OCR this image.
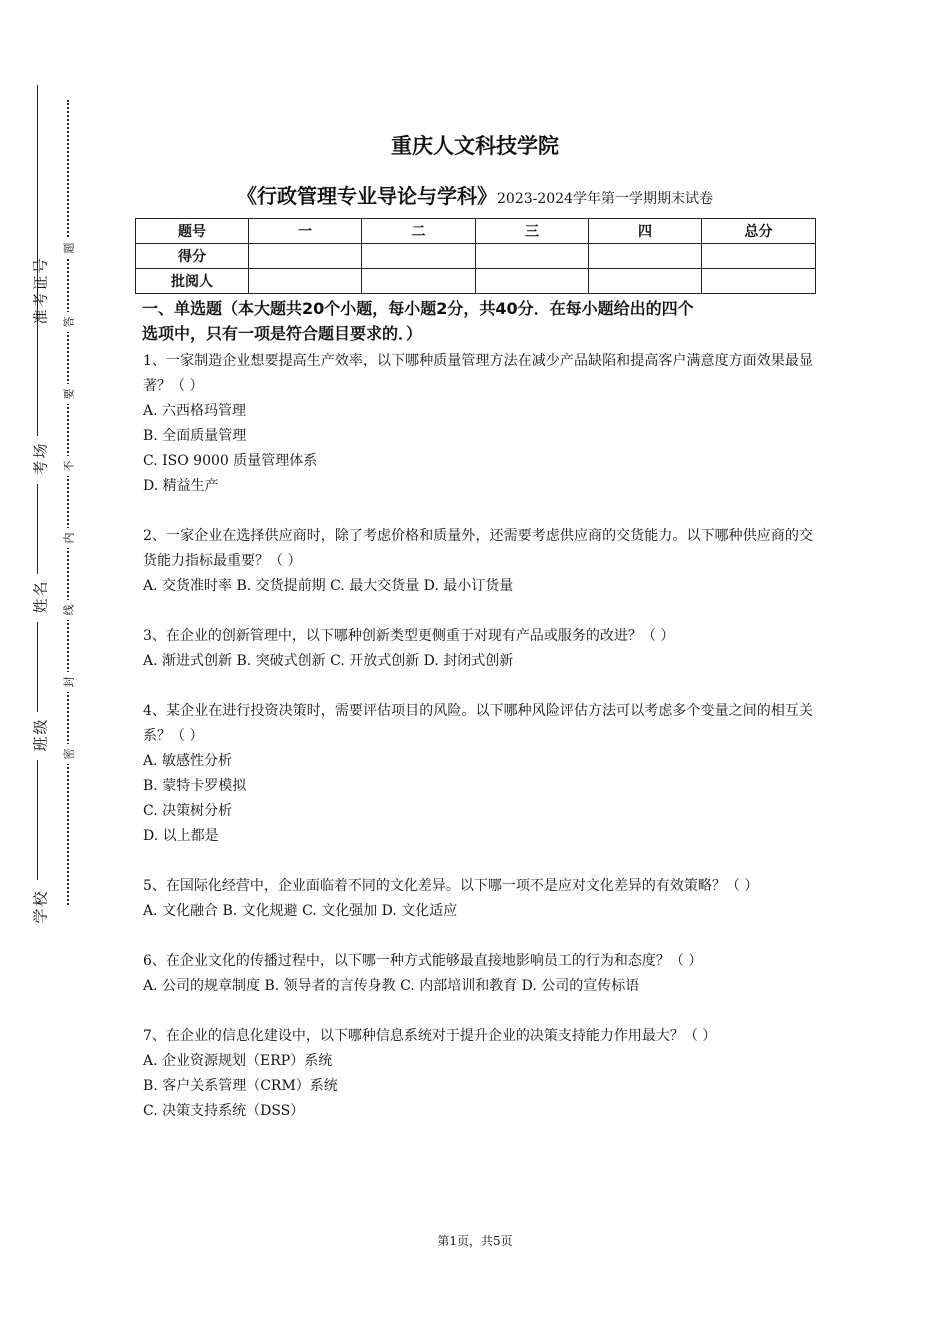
准考证号
考场
姓名
班级
学校
题
答
要
不
内
线
封
密
重庆人文科技学院
《行政管理专业导论与学科》2023-2024学年第一学期期末试卷
题号	一	二	三	四	总分
得分					
批阅人					
一、单选题（本大题共20个小题，每小题2分，共40分．在每小题给出的四个
选项中，只有一项是符合题目要求的．）

1、一家制造企业想要提高生产效率，以下哪种质量管理方法在减少产品缺陷和提高客户满意度方面效果最显著？（ ）

A. 六西格玛管理

B. 全面质量管理

C. ISO 9000 质量管理体系

D. 精益生产

2、一家企业在选择供应商时，除了考虑价格和质量外，还需要考虑供应商的交货能力。以下哪种供应商的交货能力指标最重要？（ ）

A. 交货准时率 B. 交货提前期 C. 最大交货量 D. 最小订货量

3、在企业的创新管理中，以下哪种创新类型更侧重于对现有产品或服务的改进？（ ）

A. 渐进式创新 B. 突破式创新 C. 开放式创新 D. 封闭式创新

4、某企业在进行投资决策时，需要评估项目的风险。以下哪种风险评估方法可以考虑多个变量之间的相互关系？（ ）

A. 敏感性分析

B. 蒙特卡罗模拟

C. 决策树分析

D. 以上都是

5、在国际化经营中，企业面临着不同的文化差异。以下哪一项不是应对文化差异的有效策略？（ ）

A. 文化融合 B. 文化规避 C. 文化强加 D. 文化适应

6、在企业文化的传播过程中，以下哪一种方式能够最直接地影响员工的行为和态度？（ ）

A. 公司的规章制度 B. 领导者的言传身教 C. 内部培训和教育 D. 公司的宣传标语

7、在企业的信息化建设中，以下哪种信息系统对于提升企业的决策支持能力作用最大？（ ）

A. 企业资源规划（ERP）系统

B. 客户关系管理（CRM）系统

C. 决策支持系统（DSS）

第1页，共5页
